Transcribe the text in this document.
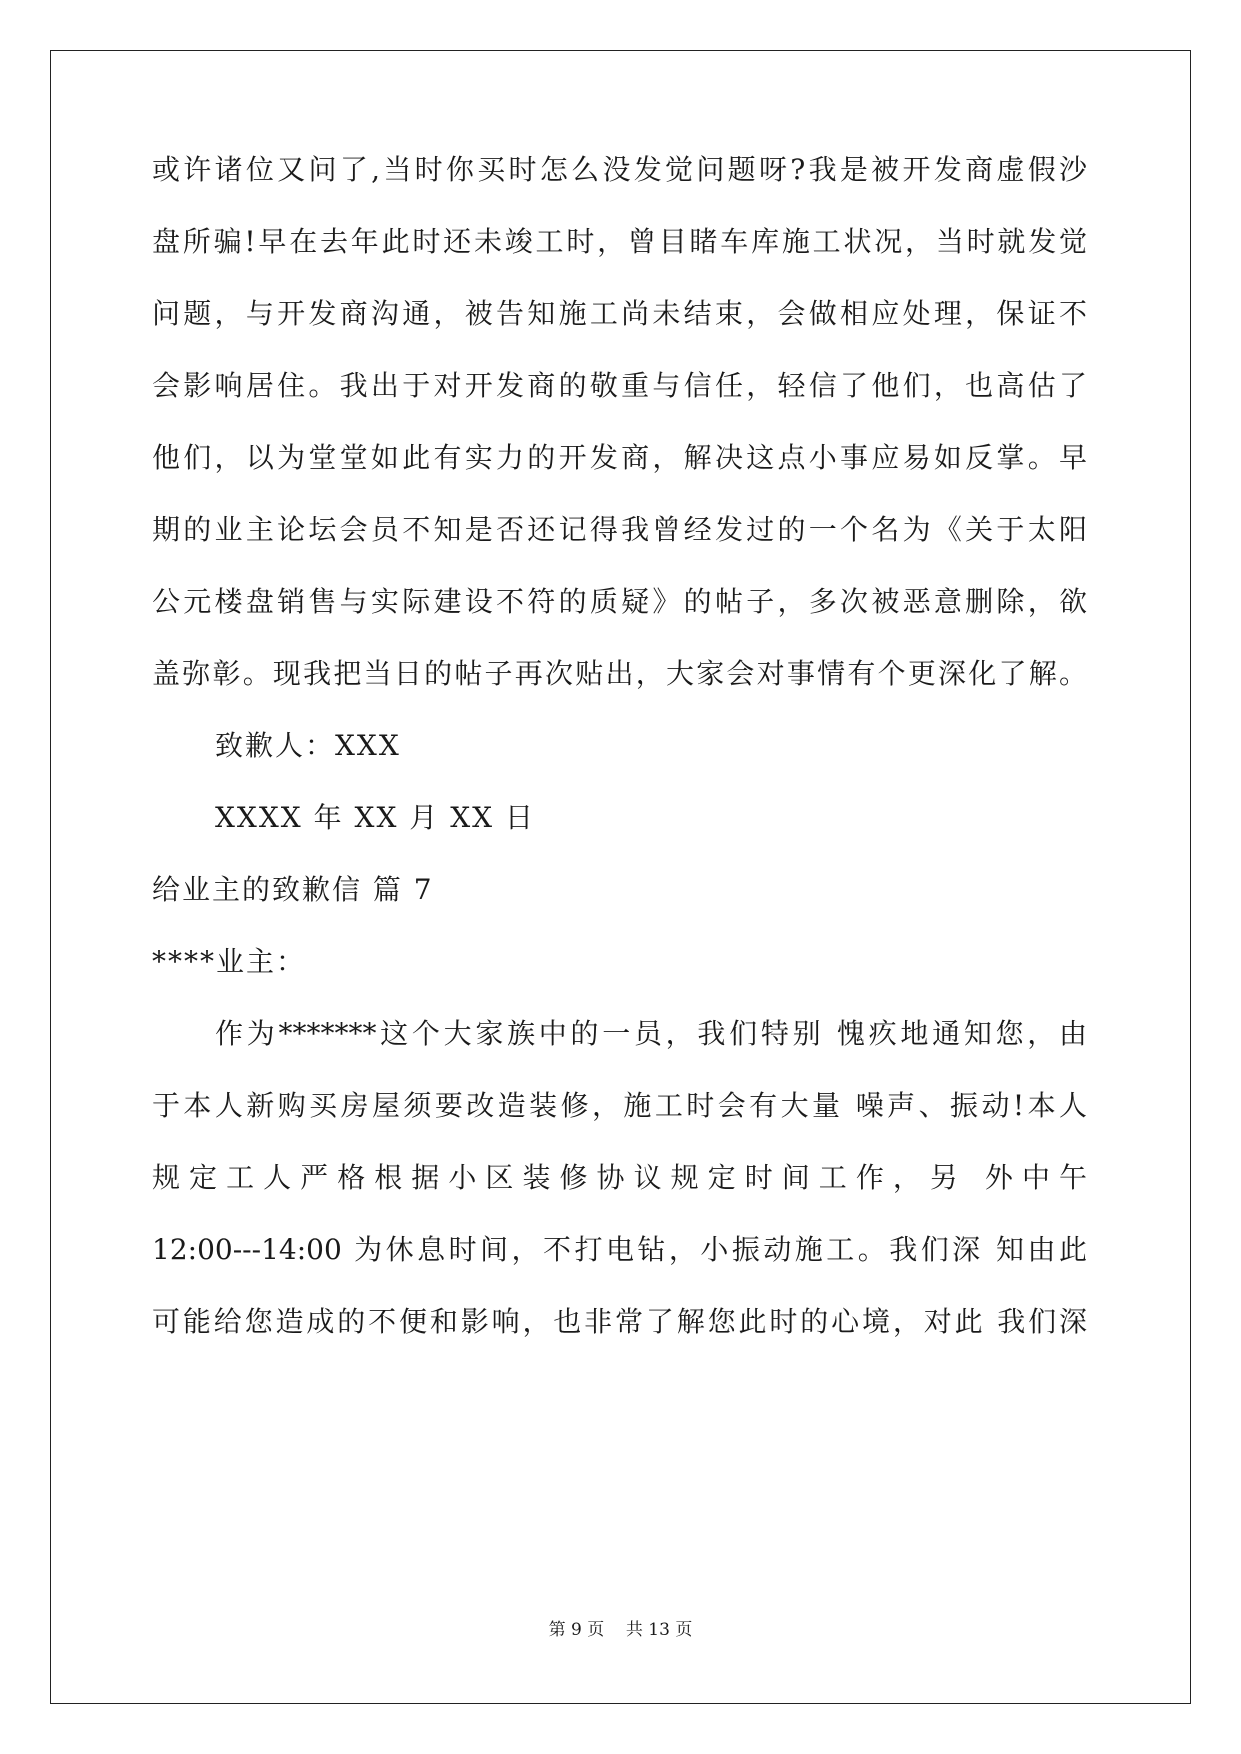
或许诸位又问了,当时你买时怎么没发觉问题呀?我是被开发商虚假沙
盘所骗!早在去年此时还未竣工时，曾目睹车库施工状况，当时就发觉
问题，与开发商沟通，被告知施工尚未结束，会做相应处理，保证不
会影响居住。我出于对开发商的敬重与信任，轻信了他们，也高估了
他们，以为堂堂如此有实力的开发商，解决这点小事应易如反掌。早
期的业主论坛会员不知是否还记得我曾经发过的一个名为《关于太阳
公元楼盘销售与实际建设不符的质疑》的帖子，多次被恶意删除，欲
盖弥彰。现我把当日的帖子再次贴出，大家会对事情有个更深化了解。
致歉人：XXX
XXXX 年 XX 月 XX 日
给业主的致歉信 篇 7
****业主：
作为*******这个大家族中的一员，我们特别 愧疚地通知您，由
于本人新购买房屋须要改造装修，施工时会有大量 噪声、振动!本人
规定工人严格根据小区装修协议规定时间工作，另 外中午
12:00---14:00 为休息时间，不打电钻，小振动施工。我们深 知由此
可能给您造成的不便和影响，也非常了解您此时的心境，对此 我们深
第 9 页    共 13 页
